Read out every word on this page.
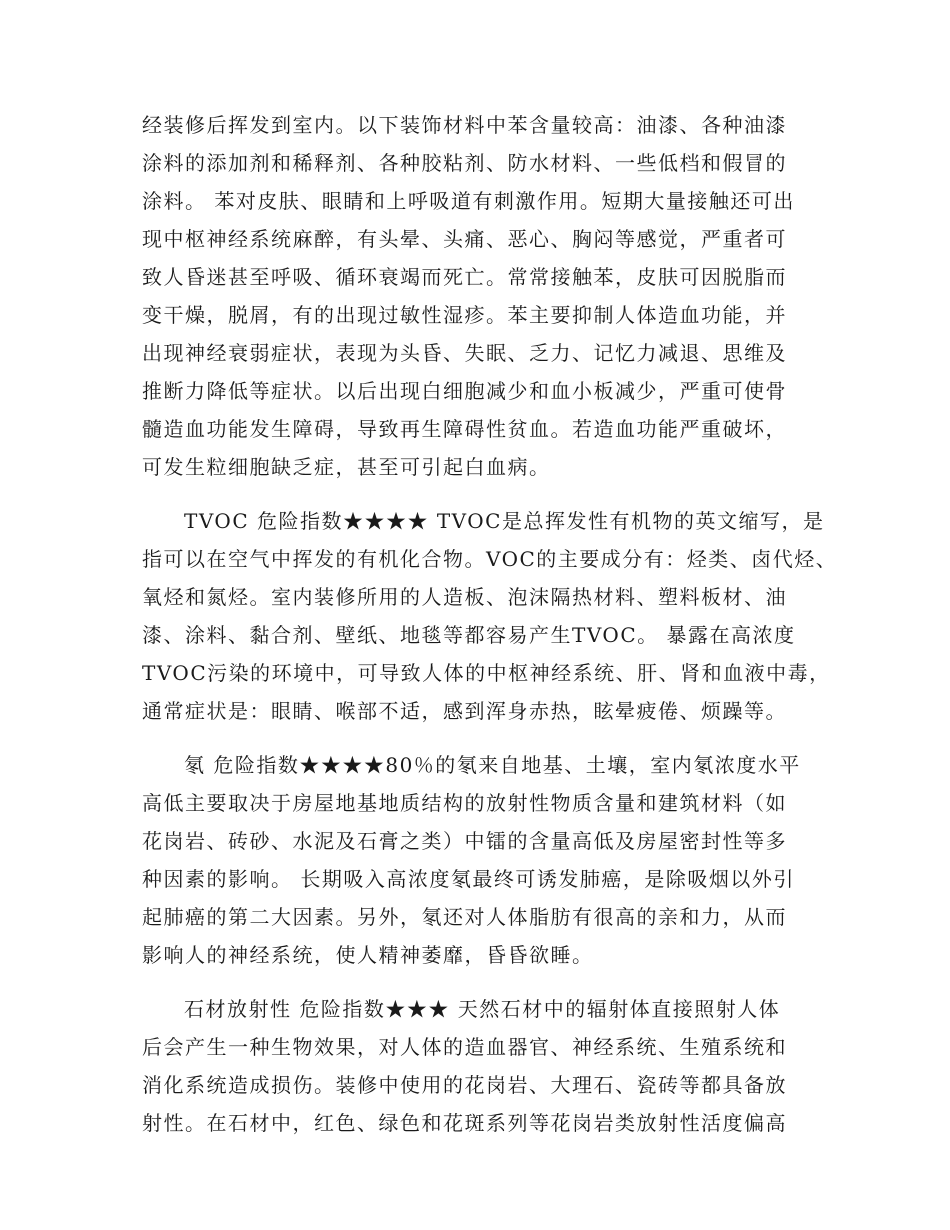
经装修后挥发到室内。以下装饰材料中苯含量较高：油漆、各种油漆
涂料的添加剂和稀释剂、各种胶粘剂、防水材料、一些低档和假冒的
涂料。 苯对皮肤、眼睛和上呼吸道有刺激作用。短期大量接触还可出
现中枢神经系统麻醉，有头晕、头痛、恶心、胸闷等感觉，严重者可
致人昏迷甚至呼吸、循环衰竭而死亡。常常接触苯，皮肤可因脱脂而
变干燥，脱屑，有的出现过敏性湿疹。苯主要抑制人体造血功能，并
出现神经衰弱症状，表现为头昏、失眠、乏力、记忆力减退、思维及
推断力降低等症状。以后出现白细胞减少和血小板减少，严重可使骨
髓造血功能发生障碍，导致再生障碍性贫血。若造血功能严重破坏，
可发生粒细胞缺乏症，甚至可引起白血病。
TVOC 危险指数★★★★ TVOC是总挥发性有机物的英文缩写，是
指可以在空气中挥发的有机化合物。VOC的主要成分有：烃类、卤代烃、
氧烃和氮烃。室内装修所用的人造板、泡沫隔热材料、塑料板材、油
漆、涂料、黏合剂、壁纸、地毯等都容易产生TVOC。 暴露在高浓度
TVOC污染的环境中，可导致人体的中枢神经系统、肝、肾和血液中毒，
通常症状是：眼睛、喉部不适，感到浑身赤热，眩晕疲倦、烦躁等。
氡 危险指数★★★★80％的氡来自地基、土壤，室内氡浓度水平
高低主要取决于房屋地基地质结构的放射性物质含量和建筑材料（如
花岗岩、砖砂、水泥及石膏之类）中镭的含量高低及房屋密封性等多
种因素的影响。 长期吸入高浓度氡最终可诱发肺癌，是除吸烟以外引
起肺癌的第二大因素。另外，氡还对人体脂肪有很高的亲和力，从而
影响人的神经系统，使人精神萎靡，昏昏欲睡。
石材放射性 危险指数★★★ 天然石材中的辐射体直接照射人体
后会产生一种生物效果，对人体的造血器官、神经系统、生殖系统和
消化系统造成损伤。装修中使用的花岗岩、大理石、瓷砖等都具备放
射性。在石材中，红色、绿色和花斑系列等花岗岩类放射性活度偏高
